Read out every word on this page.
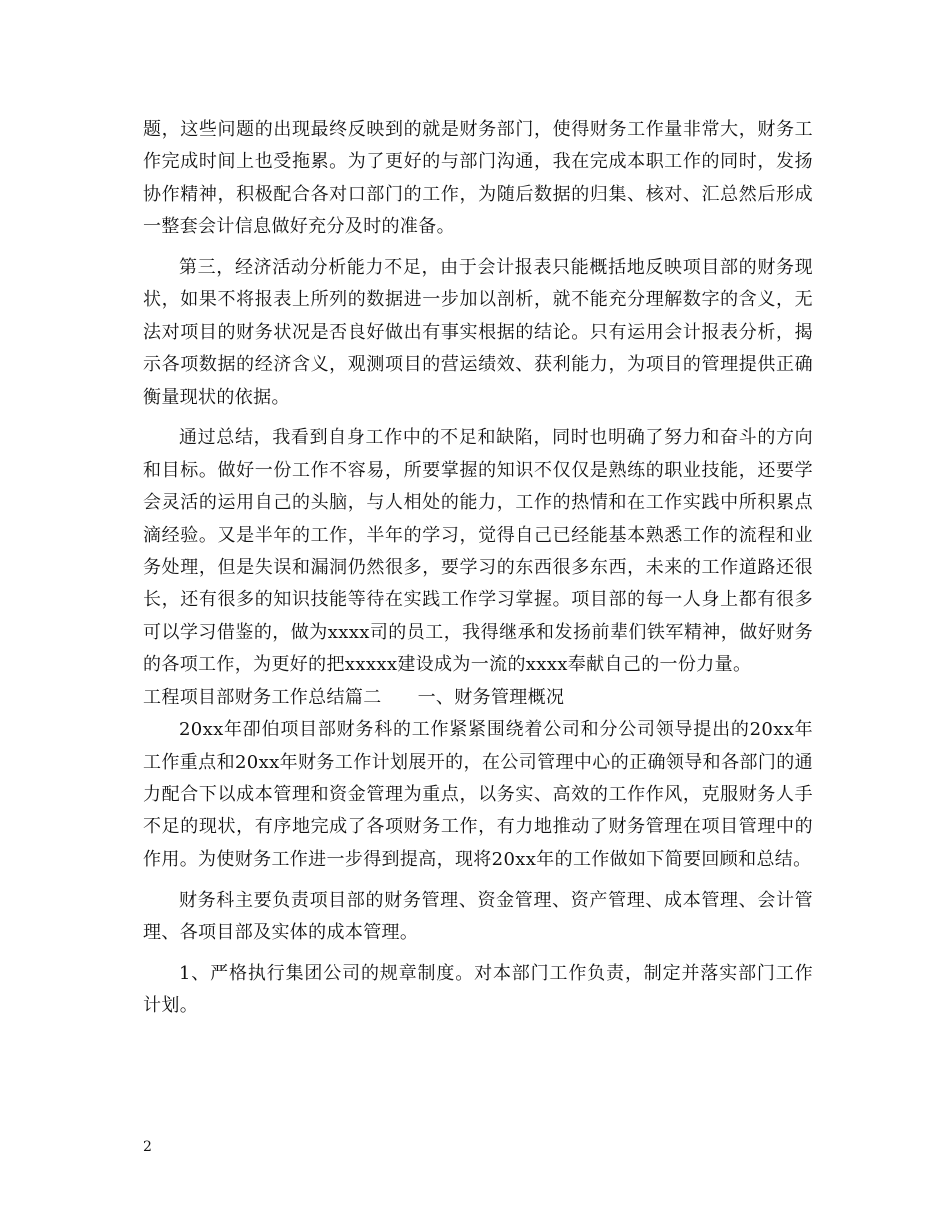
题，这些问题的出现最终反映到的就是财务部门，使得财务工作量非常大，财务工作完成时间上也受拖累。为了更好的与部门沟通，我在完成本职工作的同时，发扬协作精神，积极配合各对口部门的工作，为随后数据的归集、核对、汇总然后形成一整套会计信息做好充分及时的准备。

第三，经济活动分析能力不足，由于会计报表只能概括地反映项目部的财务现状，如果不将报表上所列的数据进一步加以剖析，就不能充分理解数字的含义，无法对项目的财务状况是否良好做出有事实根据的结论。只有运用会计报表分析，揭示各项数据的经济含义，观测项目的营运绩效、获利能力，为项目的管理提供正确衡量现状的依据。

通过总结，我看到自身工作中的不足和缺陷，同时也明确了努力和奋斗的方向和目标。做好一份工作不容易，所要掌握的知识不仅仅是熟练的职业技能，还要学会灵活的运用自己的头脑，与人相处的能力，工作的热情和在工作实践中所积累点滴经验。又是半年的工作，半年的学习，觉得自己已经能基本熟悉工作的流程和业务处理，但是失误和漏洞仍然很多，要学习的东西很多东西，未来的工作道路还很长，还有很多的知识技能等待在实践工作学习掌握。项目部的每一人身上都有很多可以学习借鉴的，做为xxxx司的员工，我得继承和发扬前辈们铁军精神，做好财务的各项工作，为更好的把xxxxx建设成为一流的xxxx奉献自己的一份力量。

工程项目部财务工作总结篇二 一、财务管理概况

20xx年卲伯项目部财务科的工作紧紧围绕着公司和分公司领导提出的20xx年工作重点和20xx年财务工作计划展开的，在公司管理中心的正确领导和各部门的通力配合下以成本管理和资金管理为重点，以务实、高效的工作作风，克服财务人手不足的现状，有序地完成了各项财务工作，有力地推动了财务管理在项目管理中的作用。为使财务工作进一步得到提高，现将20xx年的工作做如下简要回顾和总结。

财务科主要负责项目部的财务管理、资金管理、资产管理、成本管理、会计管理、各项目部及实体的成本管理。

1、严格执行集团公司的规章制度。对本部门工作负责，制定并落实部门工作计划。

2
